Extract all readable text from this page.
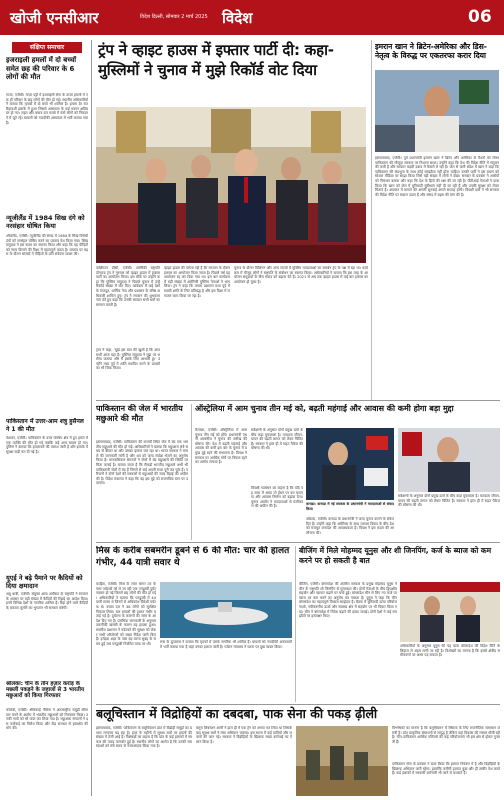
खोजी एनसीआर	विदेश दिल्ली, सोमवार 2 मार्च 2025 विदेश	06
संक्षिप्त समाचार
इजराइली हमलों में दो बच्चों समेत छह की परिवार के 6 लोगों की मौत
गाजा, एजेंसी। गाजा पट्टी में इजराइली सेना के ताज़ा हमलों में एक ही परिवार के छह लोगों की मौत हो गई। स्थानीय अधिकारियों ने बताया कि मृतकों में दो बच्चे भी शामिल हैं। हमला देर रात रिहायशी इलाके में हुआ जिससे आसपास के कई मकान क्षतिग्रस्त हो गए। राहत और बचाव दल मलबे में फंसे लोगों को निकालने में जुटे रहे। घायलों को नजदीकी अस्पताल में भर्ती कराया गया है।
न्यूजीलैंड में 1984 सिख दंगे को नरसंहार घोषित किया
ऑकलैंड, एजेंसी। न्यूजीलैंड की संसद में 1984 के सिख विरोधी दंगों को नरसंहार घोषित करने का प्रस्ताव पेश किया गया। सिख समुदाय ने इस कदम का स्वागत किया और कहा कि यह पीड़ितों को न्याय दिलाने की दिशा में महत्वपूर्ण कदम है। प्रस्ताव पर बहस के दौरान सांसदों ने पीड़ितों के प्रति संवेदना व्यक्त की।
पाकिस्तान में उत्तर-आम शत्रु हुसैनल ने 1 की मौत
पेशावर, एजेंसी। पाकिस्तान के उत्तर पश्चिम क्षेत्र में हुए हमले में एक व्यक्ति की मौत हो गई जबकि कई अन्य घायल हो गए। पुलिस ने बताया कि हमलावरों की तलाश जारी है और इलाके में सुरक्षा कड़ी कर दी गई है।
यूएई ने बढ़े पैमाने पर कैदियों को दिया क्षमादान
अबू धाबी, एजेंसी। संयुक्त अरब अमीरात के राष्ट्रपति ने रमजान के अवसर पर बड़ी संख्या में कैदियों की रिहाई का आदेश दिया। इनमें विभिन्न देशों के नागरिक शामिल हैं। रिहा होने वाले कैदियों के बकाया जुर्माने का भुगतान भी सरकार करेगी।
श्रीलंका: चीन के तीन हज़ार करोड़ के मछली पकड़ने के जहाजों से 3 भारतीय मछुआरों को किया गिरफ्तार
कोलंबो, एजेंसी। श्रीलंकाई नौसेना ने अंतरराष्ट्रीय समुद्री सीमा पार करने के आरोप में भारतीय मछुआरों को गिरफ्तार किया। उनकी नावों को भी जब्त कर लिया गया है। मछुआरा संगठनों ने इस कार्रवाई का विरोध किया और केंद्र सरकार से हस्तक्षेप की मांग की।
ट्रंप ने व्हाइट हाउस में इफ्तार पार्टी दी: कहा-मुस्लिमों ने चुनाव में मुझे रिकॉर्ड वोट दिया
वाशिंगटन डीसी, एजेंसी। अमेरिकी राष्ट्रपति डोनाल्ड ट्रंप ने गुरुवार को व्हाइट हाउस में इफ्तार पार्टी का आयोजन किया। इस मौके पर उन्होंने कहा कि मुस्लिम समुदाय ने पिछले चुनाव में उन्हें रिकॉर्ड संख्या में वोट दिए। कार्यक्रम में कई देशों के राजदूत, धार्मिक नेता और प्रशासन के वरिष्ठ अधिकारी शामिल हुए। ट्रंप ने रमजान की शुभकामनाएं देते हुए कहा कि उनकी सरकार सभी धर्मों का सम्मान करती है।
ट्रम्प ने कहा, 'मुझे इस बात की खुशी है कि आप सभी आज यहां हैं। मुस्लिम समुदाय ने मुझ पर भरोसा जताया और मैं इसके लिए आभारी हूं।' उन्होंने मध्य पूर्व में शांति स्थापित करने के प्रयासों का भी जिक्र किया।
व्हाइट हाउस की परंपरा रही है कि रमजान के दौरान इफ्तार का आयोजन किया जाता है। पिछले वर्ष यह आयोजन रद्द कर दिया गया था। इस बार कार्यक्रम में बड़ी संख्या में अमेरिकी मुस्लिम नेताओं ने भाग लिया। ट्रंप ने कहा कि उनका प्रशासन मध्य पूर्व में स्थायी शांति के लिए प्रतिबद्ध है और इस दिशा में लगातार काम किया जा रहा है।
चुनाव के दौरान मिशिगन और अन्य राज्यों में मुस्लिम मतदाताओं का समर्थन ट्रंप के पक्ष में रहा था। कार्यक्रम में मौजूद लोगों ने राष्ट्रपति के संबोधन का स्वागत किया। अधिकारियों ने बताया कि इस तरह के आयोजन समुदायों के बीच संवाद को बढ़ावा देते हैं। 2021 से अब तक व्हाइट हाउस में कई बार इफ्तार का आयोजन हो चुका है।
इमरान खान ने ब्रिटेन-अमेरिका और डिस-नेतृत्व के विरुद्ध पर एकतरफा करार दिया
इस्लामाबाद, एजेंसी। पूर्व प्रधानमंत्री इमरान खान ने ब्रिटेन और अमेरिका के रिश्तों को लेकर पाकिस्तान की मौजूदा सरकार पर निशाना साधा। उन्होंने कहा कि देश की विदेश नीति में संतुलन की कमी है और सरकार बाहरी दबाव में फैसले ले रही है। जेल से जारी संदेश में खान ने कहा कि पाकिस्तान की संप्रभुता के साथ कोई समझौता नहीं होना चाहिए। उनकी पार्टी ने इस बयान को सोशल मीडिया पर साझा किया जिसे बड़ी संख्या में लोगों ने देखा। सरकार के प्रवक्ता ने आरोपों को निराधार बताया और कहा कि देश के हितों की रक्षा की जा रही है। पीटीआई नेताओं ने दावा किया कि खान को जेल में बुनियादी सुविधाएं नहीं दी जा रही हैं और उनकी सुरक्षा को लेकर चिंताएं हैं। अदालत में मामले की अगली सुनवाई अगले सप्ताह होगी। विपक्षी दलों ने भी सरकार की विदेश नीति पर सवाल उठाए हैं और संसद में बहस की मांग की है।
पाकिस्तान की जेल में भारतीय मछुआरे की मौत
इस्लामाबाद, एजेंसी। पाकिस्तान की कराची स्थित जेल में बंद एक भारतीय मछुआरे की मौत हो गई। अधिकारियों ने बताया कि मछुआरा लंबे समय से बीमार था और उसका इलाज चल रहा था। भारत सरकार ने मामले की जानकारी मांगी है और शव को जल्द स्वदेश भेजने का अनुरोध किया है। मानवाधिकार संगठनों ने जेलों में बंद मछुआरों की स्थिति पर चिंता जताई है। बताया जाता है कि सैकड़ों भारतीय मछुआरे अभी भी पाकिस्तानी जेलों में बंद हैं जिनमें से कई अपनी सजा पूरी कर चुके हैं। परिजनों ने दोनों देशों की सरकारों से मछुआरों की जल्द रिहाई की अपील की है। विदेश मंत्रालय ने कहा कि वह इस मुद्दे को राजनयिक स्तर पर उठाएगा।
ऑस्ट्रेलिया में आम चुनाव तीन मई को, बढ़ती महंगाई और आवास की कमी होगा बड़ा मुद्दा
कैनबरा, एजेंसी। ऑस्ट्रेलिया में आम चुनाव तीन मई को होंगे। प्रधानमंत्री एंथनी अल्बनीज ने चुनाव की तारीख की घोषणा की। देश में बढ़ती महंगाई और आवास की कमी इस बार के चुनाव में प्रमुख मुद्दे रहने की संभावना है। विपक्ष ने सरकार पर आर्थिक मोर्चे पर विफल रहने का आरोप लगाया है।
सर्वेक्षणों के अनुसार दोनों प्रमुख दलों के बीच कड़ा मुकाबला है। मतदाता जीवन-यापन की बढ़ती लागत को लेकर चिंतित हैं। सरकार ने हाल ही में राहत पैकेज की घोषणा की थी।
विपक्षी गठबंधन का कहना है कि यदि वह सत्ता में आया तो ईंधन पर कर घटाएगा और आवास निर्माण को बढ़ावा देगा। चुनाव आयोग ने मतदाताओं से पंजीकरण की अपील की है।
कनाडा: कनाडा में नई सरकार के प्रधानमंत्री ने मतदाताओं से संवाद किया
ओटावा, एजेंसी। कनाडा के प्रधानमंत्री ने जल्द चुनाव कराने के संकेत दिए हैं। उन्होंने कहा कि अमेरिका के साथ व्यापार विवाद के बीच देश को मजबूत जनादेश की आवश्यकता है। विपक्ष ने इस कदम की आलोचना की।
सर्वेक्षणों के अनुसार दोनों प्रमुख दलों के बीच कड़ा मुकाबला है। मतदाता जीवन-यापन की बढ़ती लागत को लेकर चिंतित हैं। सरकार ने हाल ही में राहत पैकेज की घोषणा की थी।
मिस्र के करीब सबमरीन डूबने से 6 की मौत: चार की हालत गंभीर, 44 यात्री सवार थे
काहिरा, एजेंसी। मिस्र के लाल सागर तट के पास पर्यटकों को ले जा रही एक पनडुब्बी दुर्घटनाग्रस्त हो गई जिसमें छह लोगों की मौत हो गई। अधिकारियों ने बताया कि पनडुब्बी में 44 यात्री सवार थे जिनमें से अधिकांश विदेशी पर्यटक थे। बचाव दल ने 38 लोगों को सुरक्षित निकाल लिया। चार घायलों की हालत गंभीर बताई गई है। दुर्घटना के कारणों की जांच के आदेश दिए गए हैं। प्रारंभिक जानकारी के अनुसार तकनीकी खराबी के कारण यह हादसा हुआ। स्थानीय प्रशासन ने पर्यटकों की सुरक्षा को लेकर सभी ऑपरेटरों को सख्त निर्देश जारी किए हैं। हर्गहदा शहर के पास यह घटना सुबह के समय हुई जब पनडुब्बी नियमित यात्रा पर थी।	रूस के दूतावास ने बताया कि मृतकों में उसके नागरिक भी शामिल हैं। घायलों को नजदीकी अस्पतालों में भर्ती कराया गया है जहां उनका इलाज जारी है। पर्यटन मंत्रालय ने घटना पर दुख व्यक्त किया।
बीजिंग में मिले मोहम्मद यूनुस और शी जिनपिंग, कर्ज के ब्याज को कम करने पर हो सकती है बात
बीजिंग, एजेंसी। बांग्लादेश की अंतरिम सरकार के प्रमुख मोहम्मद यूनुस ने चीन के राष्ट्रपति शी जिनपिंग से मुलाकात की। दोनों नेताओं के बीच द्विपक्षीय सहयोग और व्यापार बढ़ाने पर चर्चा हुई। बांग्लादेश चीन से लिए गए कर्ज पर ब्याज दर कम करने का अनुरोध कर सकता है। यूनुस ने कहा कि चीन बांग्लादेश का महत्वपूर्ण विकास साझेदार है। बैठक में बुनियादी ढांचा परियोजनाओं, नवीकरणीय ऊर्जा और स्वास्थ्य क्षेत्र में सहयोग पर भी विचार किया गया। चीन ने बांग्लादेश में निवेश बढ़ाने की इच्छा जताई। दोनों देशों ने कई समझौतों पर हस्ताक्षर किए।
अधिकारियों के अनुसार यूनुस की यह यात्रा बांग्लादेश की विदेश नीति के लिहाज से अहम मानी जा रही है। विशेषज्ञों का मानना है कि इससे क्षेत्रीय समीकरणों पर असर पड़ सकता है।
बलूचिस्तान में विद्रोहियों का दबदबा, पाक सेना की पकड़ ढ़ीली
इस्लामाबाद, एजेंसी। पाकिस्तान के बलूचिस्तान प्रांत में विद्रोही समूहों का प्रभाव लगातार बढ़ रहा है। हाल के महीनों में सुरक्षा बलों पर हमलों की संख्या में तेजी आई है। विशेषज्ञों का कहना है कि प्रांत के कई इलाकों में सरकार की पकड़ कमजोर हुई है। स्थानीय लोगों का आरोप है कि उनकी समस्याओं को लंबे समय से नजरअंदाज किया गया है।
बलूच लिबरेशन आर्मी ने हाल ही में एक ट्रेन को अगवा कर लिया था जिसके बाद सुरक्षा बलों ने लंबा अभियान चलाया। इस घटना में कई यात्रियों और जवानों की जान गई। सरकार ने विद्रोहियों के खिलाफ सख्त कार्रवाई का ऐलान किया है।
विश्लेषकों का मानना है कि बलूचिस्तान में स्थिरता के लिए राजनीतिक समाधान जरूरी है। प्रांत प्राकृतिक संसाधनों से समृद्ध है लेकिन यहां विकास की रफ्तार धीमी रही है। चीन-पाकिस्तान आर्थिक गलियारे की कई परियोजनाएं भी इस क्षेत्र से होकर गुजरती हैं।
पाकिस्तान सेना के प्रवक्ता ने दावा किया कि हालात नियंत्रण में हैं और विद्रोहियों के खिलाफ अभियान जारी रहेगा। हालांकि जमीनी हालात कुछ और ही तस्वीर पेश करते हैं। कई इलाकों में सरकारी कर्मचारी भी जाने से कतराते हैं।
